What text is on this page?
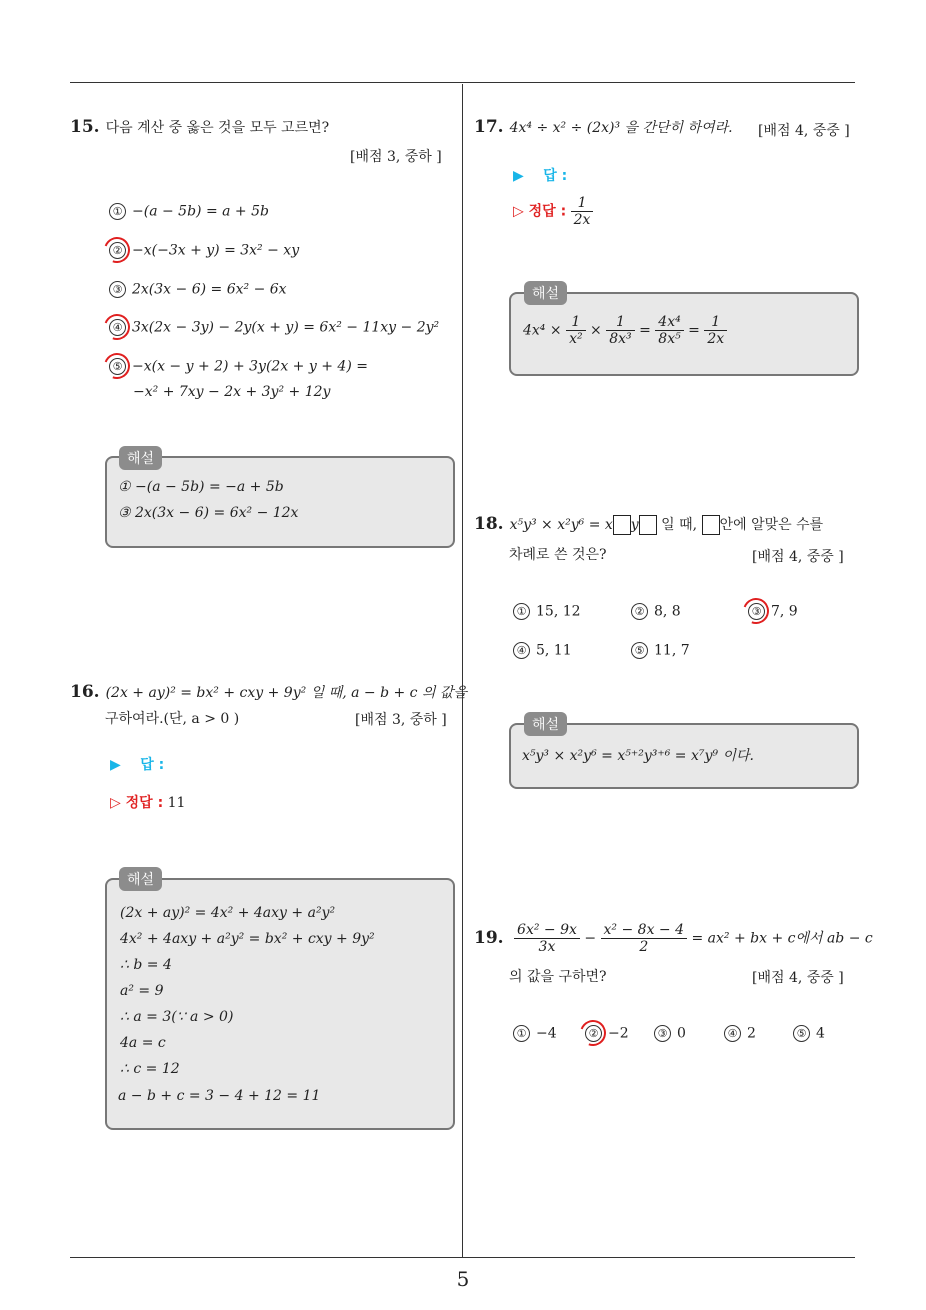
15. 다음 계산 중 옳은 것을 모두 고르면?
[배점 3, 중하 ]
① −(a − 5b) = a + 5b
② −x(−3x + y) = 3x² − xy
③ 2x(3x − 6) = 6x² − 6x
④ 3x(2x − 3y) − 2y(x + y) = 6x² − 11xy − 2y²
⑤ −x(x − y + 2) + 3y(2x + y + 4) =
−x² + 7xy − 2x + 3y² + 12y
해설
① −(a − 5b) = −a + 5b
③ 2x(3x − 6) = 6x² − 12x
16. (2x + ay)² = bx² + cxy + 9y² 일 때, a − b + c 의 값을
구하여라.(단, a > 0 )	[배점 3, 중하 ]
▶    답 :
▷ 정답 : 11
해설
(2x + ay)² = 4x² + 4axy + a²y²
4x² + 4axy + a²y² = bx² + cxy + 9y²
∴ b = 4
a² = 9
∴ a = 3(∵ a > 0)
4a = c
∴ c = 12
a − b + c = 3 − 4 + 12 = 11
17. 4x⁴ ÷ x² ÷ (2x)³ 을 간단히 하여라. [배점 4, 중중 ]
▶    답 :
▷ 정답 : $\frac{1}{2x}$
해설
$4x^4 \times \frac{1}{\text{x²}} \times \frac{1}{\text{8x³}} = \frac{\text{4x⁴}}{\text{8x⁵}} = \frac{1}{2x}$
18. x⁵y³ × x²y⁶ = x y 일 때, 안에 알맞은 수를
차례로 쓴 것은?	[배점 4, 중중 ]
① 15, 12	② 8, 8	③ 7, 9
④ 5, 11	⑤ 11, 7
해설
x⁵y³ × x²y⁶ = x⁵⁺²y³⁺⁶ = x⁷y⁹ 이다.
19. $\frac{\text{6x² − 9x}}{3x} - \frac{\text{x² − 8x − 4}}{2} = ax^2$ + bx + c에서 ab − c
의 값을 구하면?	[배점 4, 중중 ]
① −4	② −2	③ 0	④ 2	⑤ 4
5
